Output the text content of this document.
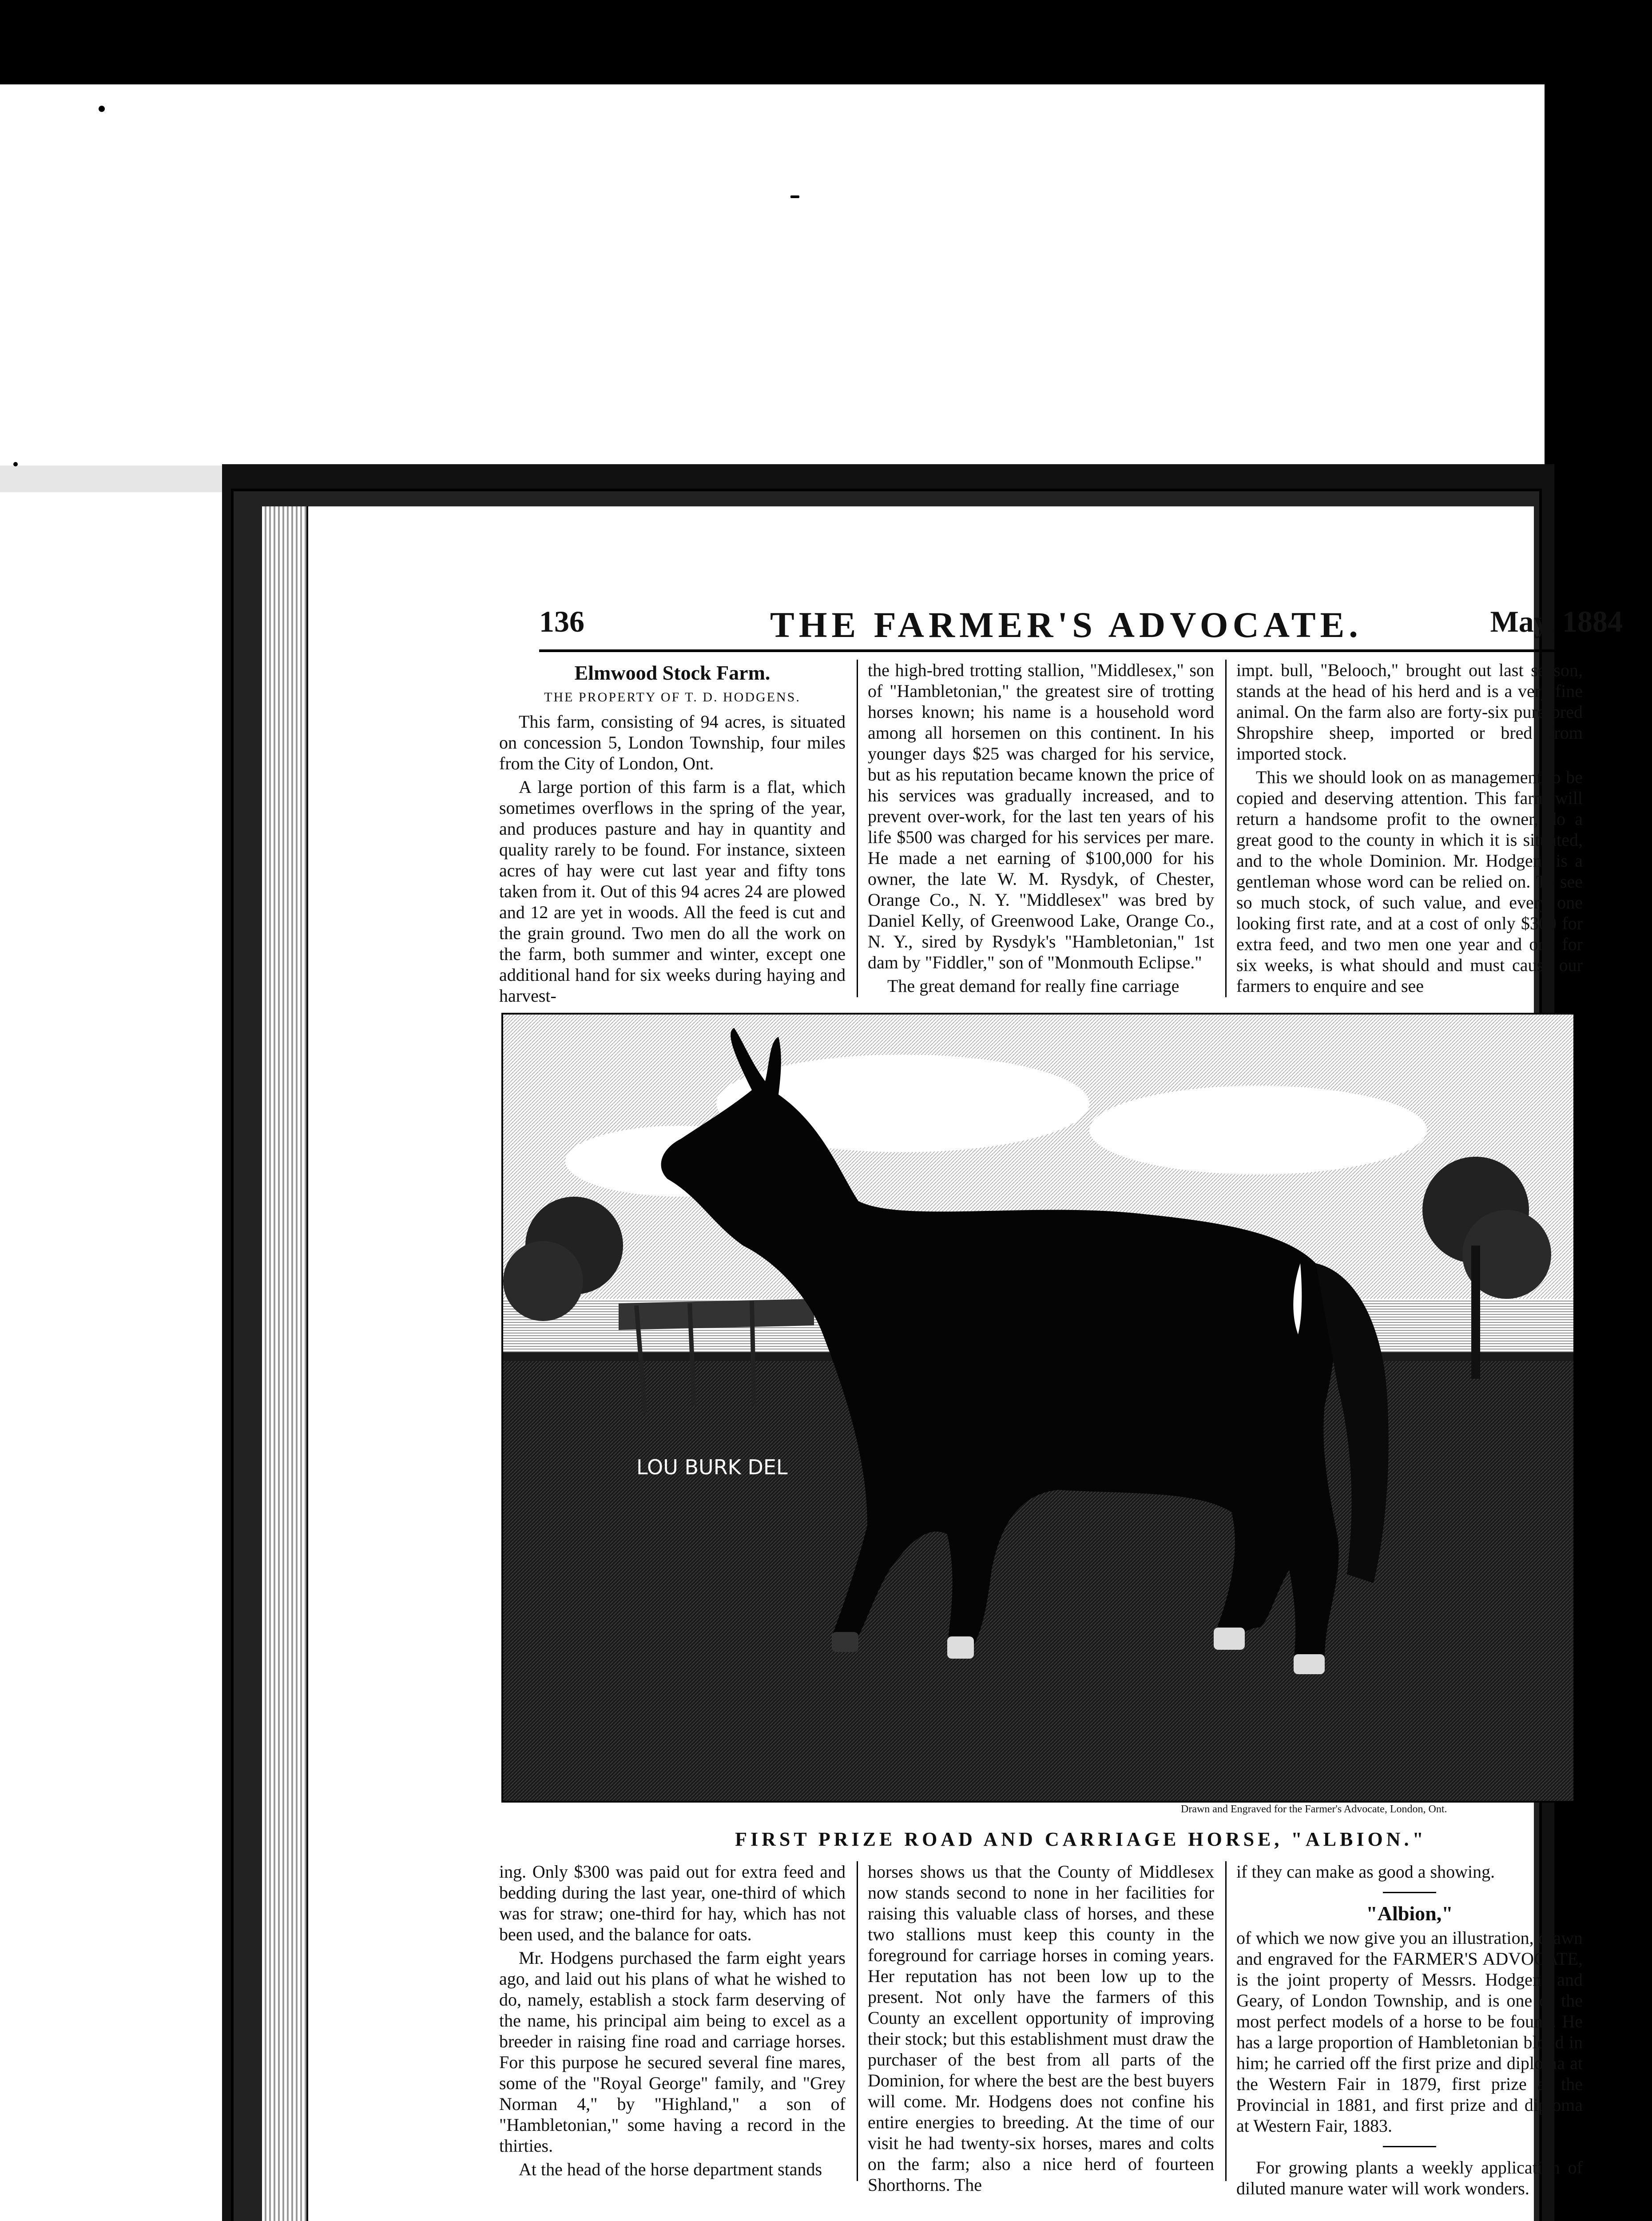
136	THE FARMER'S ADVOCATE.	May, 1884
Elmwood Stock Farm.
THE PROPERTY OF T. D. HODGENS.

This farm, consisting of 94 acres, is situated on concession 5, London Township, four miles from the City of London, Ont.

A large portion of this farm is a flat, which sometimes overflows in the spring of the year, and produces pasture and hay in quantity and quality rarely to be found. For instance, sixteen acres of hay were cut last year and fifty tons taken from it. Out of this 94 acres 24 are plowed and 12 are yet in woods. All the feed is cut and the grain ground. Two men do all the work on the farm, both summer and winter, except one additional hand for six weeks during haying and harvest-

the high-bred trotting stallion, "Middlesex," son of "Hambletonian," the greatest sire of trotting horses known; his name is a household word among all horsemen on this continent. In his younger days $25 was charged for his service, but as his reputation became known the price of his services was gradually increased, and to prevent over-work, for the last ten years of his life $500 was charged for his services per mare. He made a net earning of $100,000 for his owner, the late W. M. Rysdyk, of Chester, Orange Co., N. Y. "Middlesex" was bred by Daniel Kelly, of Greenwood Lake, Orange Co., N. Y., sired by Rysdyk's "Hambletonian," 1st dam by "Fiddler," son of "Monmouth Eclipse."

The great demand for really fine carriage

impt. bull, "Belooch," brought out last season, stands at the head of his herd and is a very fine animal. On the farm also are forty-six pure-bred Shropshire sheep, imported or bred from imported stock.

This we should look on as management to be copied and deserving attention. This farm will return a handsome profit to the owner, do a great good to the county in which it is situated, and to the whole Dominion. Mr. Hodgens is a gentleman whose word can be relied on. To see so much stock, of such value, and every one looking first rate, and at a cost of only $300 for extra feed, and two men one year and one for six weeks, is what should and must cause our farmers to enquire and see

LOU BURK DEL
Drawn and Engraved for the Farmer's Advocate, London, Ont.
FIRST PRIZE ROAD AND CARRIAGE HORSE, "ALBION."

ing. Only $300 was paid out for extra feed and bedding during the last year, one-third of which was for straw; one-third for hay, which has not been used, and the balance for oats.

Mr. Hodgens purchased the farm eight years ago, and laid out his plans of what he wished to do, namely, establish a stock farm deserving of the name, his principal aim being to excel as a breeder in raising fine road and carriage horses. For this purpose he secured several fine mares, some of the "Royal George" family, and "Grey Norman 4," by "Highland," a son of "Hambletonian," some having a record in the thirties.

At the head of the horse department stands

horses shows us that the County of Middlesex now stands second to none in her facilities for raising this valuable class of horses, and these two stallions must keep this county in the foreground for carriage horses in coming years. Her reputation has not been low up to the present. Not only have the farmers of this County an excellent opportunity of improving their stock; but this establishment must draw the purchaser of the best from all parts of the Dominion, for where the best are the best buyers will come. Mr. Hodgens does not confine his entire energies to breeding. At the time of our visit he had twenty-six horses, mares and colts on the farm; also a nice herd of fourteen Shorthorns. The

if they can make as good a showing.

"Albion,"

of which we now give you an illustration, drawn and engraved for the FARMER'S ADVOCATE, is the joint property of Messrs. Hodgens and Geary, of London Township, and is one of the most perfect models of a horse to be found. He has a large proportion of Hambletonian blood in him; he carried off the first prize and diploma at the Western Fair in 1879, first prize at the Provincial in 1881, and first prize and diploma at Western Fair, 1883.

For growing plants a weekly application of diluted manure water will work wonders.
